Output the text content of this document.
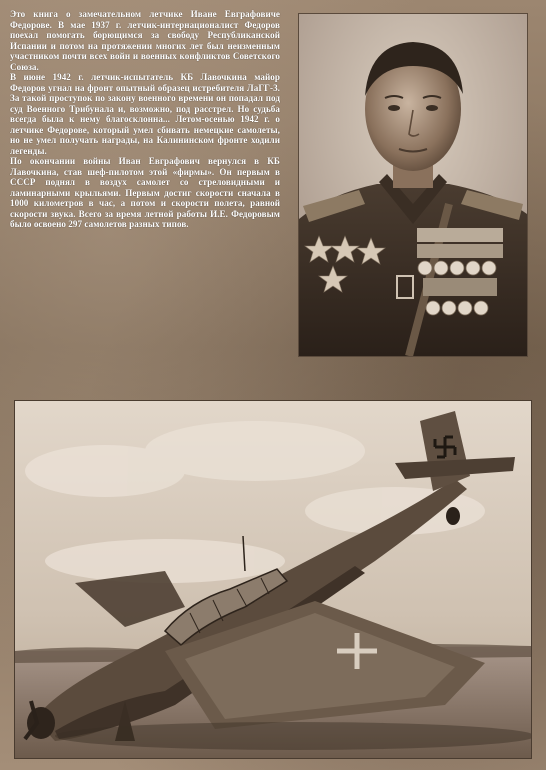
Это книга о замечательном летчике Иване Евграфовиче Федорове. В мае 1937 г. летчик-интернационалист Федоров поехал помогать борющимся за свободу Республиканской Испании и потом на протяжении многих лет был неизменным участником почти всех войн и военных конфликтов Советского Союза.

В июне 1942 г. летчик-испытатель КБ Лавочкина майор Федоров угнал на фронт опытный образец истребителя ЛаГГ-3. За такой проступок по закону военного времени он попадал под суд Военного Трибунала и, возможно, под расстрел. Но судьба всегда была к нему благосклонна... Летом-осенью 1942 г. о летчике Федорове, который умел сбивать немецкие самолеты, но не умел получать награды, на Калининском фронте ходили легенды.

По окончании войны Иван Евграфович вернулся в КБ Лавочкина, став шеф-пилотом этой «фирмы». Он первым в СССР поднял в воздух самолет со стреловидными и ламинарными крыльями. Первым достиг скорости сначала в 1000 километров в час, а потом и скорости полета, равной скорости звука. Всего за время летной работы И.Е. Федоровым было освоено 297 самолетов разных типов.
